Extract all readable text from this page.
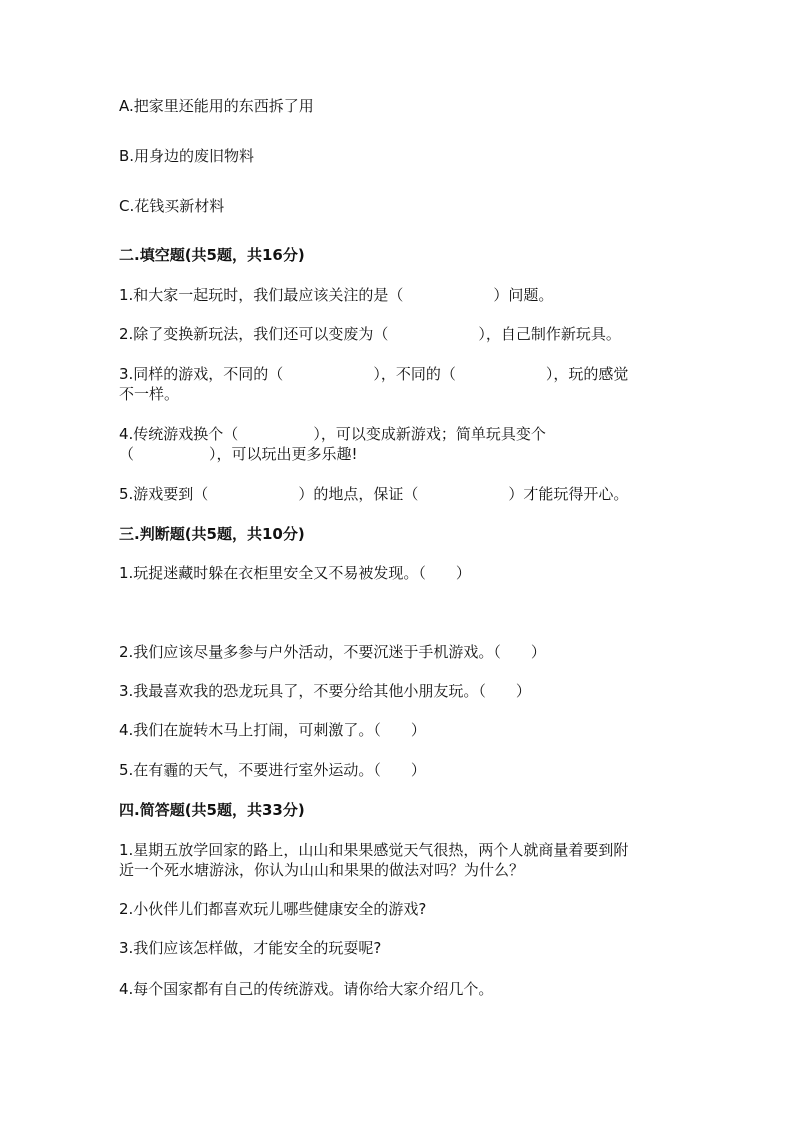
A.把家里还能用的东西拆了用
B.用身边的废旧物料
C.花钱买新材料
二.填空题(共5题，共16分)
1.和大家一起玩时，我们最应该关注的是（　　　　　　）问题。
2.除了变换新玩法，我们还可以变废为（　　　　　　），自己制作新玩具。
3.同样的游戏，不同的（　　　　　　），不同的（　　　　　　），玩的感觉
不一样。
4.传统游戏换个（　　　　　），可以变成新游戏；简单玩具变个
（　　　　　），可以玩出更多乐趣!
5.游戏要到（　　　　　　）的地点，保证（　　　　　　）才能玩得开心。
三.判断题(共5题，共10分)
1.玩捉迷藏时躲在衣柜里安全又不易被发现。（　　）
2.我们应该尽量多参与户外活动，不要沉迷于手机游戏。（　　）
3.我最喜欢我的恐龙玩具了，不要分给其他小朋友玩。（　　）
4.我们在旋转木马上打闹，可刺激了。（　　）
5.在有霾的天气，不要进行室外运动。（　　）
四.简答题(共5题，共33分)
1.星期五放学回家的路上，山山和果果感觉天气很热，两个人就商量着要到附
近一个死水塘游泳，你认为山山和果果的做法对吗？为什么？
2.小伙伴儿们都喜欢玩儿哪些健康安全的游戏?
3.我们应该怎样做，才能安全的玩耍呢?
4.每个国家都有自己的传统游戏。请你给大家介绍几个。
